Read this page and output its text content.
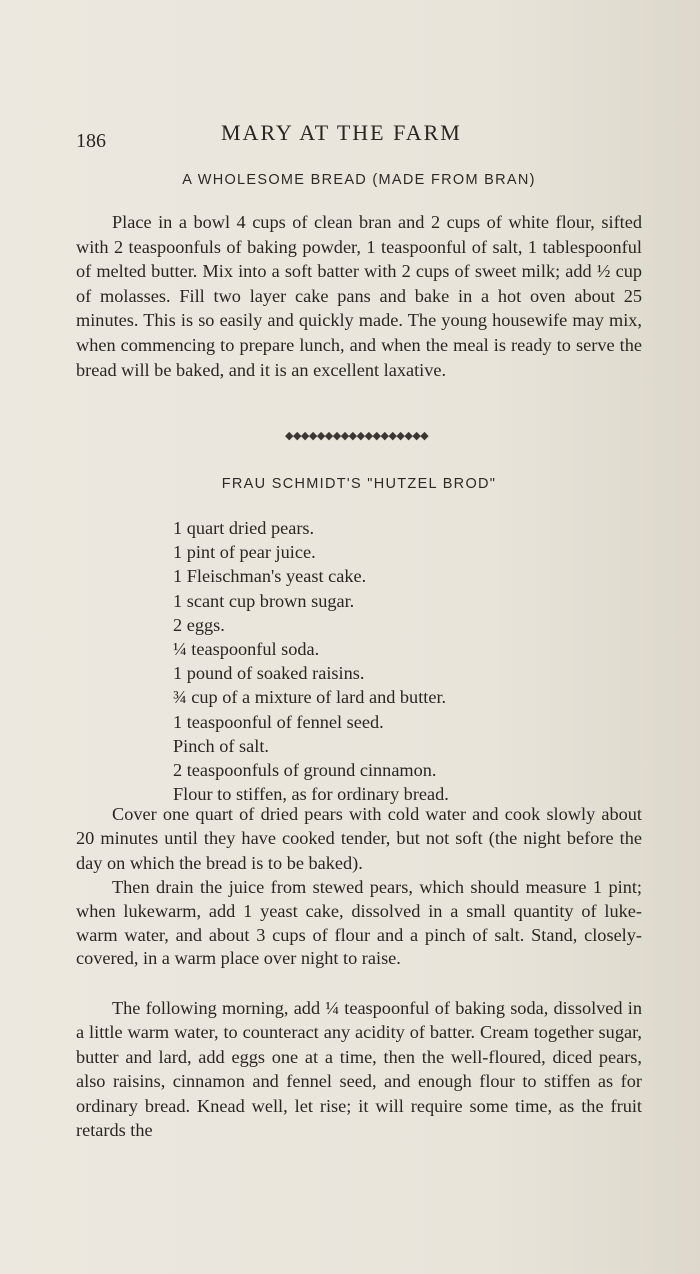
186	MARY AT THE FARM
A WHOLESOME BREAD (MADE FROM BRAN)

Place in a bowl 4 cups of clean bran and 2 cups of white flour, sifted with 2 teaspoonfuls of baking powder, 1 teaspoonful of salt, 1 tablespoonful of melted butter. Mix into a soft batter with 2 cups of sweet milk; add ½ cup of molasses. Fill two layer cake pans and bake in a hot oven about 25 minutes. This is so easily and quickly made. The young housewife may mix, when commencing to prepare lunch, and when the meal is ready to serve the bread will be baked, and it is an excellent laxative.

◆◆◆◆◆◆◆◆◆◆◆◆◆◆◆◆◆◆
FRAU SCHMIDT'S "HUTZEL BROD"
1 quart dried pears.
1 pint of pear juice.
1 Fleischman's yeast cake.
1 scant cup brown sugar.
2 eggs.
¼ teaspoonful soda.
1 pound of soaked raisins.
¾ cup of a mixture of lard and butter.
1 teaspoonful of fennel seed.
Pinch of salt.
2 teaspoonfuls of ground cinnamon.
Flour to stiffen, as for ordinary bread.

Cover one quart of dried pears with cold water and cook slowly about 20 minutes until they have cooked tender, but not soft (the night before the day on which the bread is to be baked).

Then drain the juice from stewed pears, which should measure 1 pint; when lukewarm, add 1 yeast cake, dissolved in a small quantity of luke-warm water, and about 3 cups of flour and a pinch of salt. Stand, closely-covered, in a warm place over night to raise.

The following morning, add ¼ teaspoonful of baking soda, dissolved in a little warm water, to counteract any acidity of batter. Cream together sugar, butter and lard, add eggs one at a time, then the well-floured, diced pears, also raisins, cinnamon and fennel seed, and enough flour to stiffen as for ordinary bread. Knead well, let rise; it will require some time, as the fruit retards the
